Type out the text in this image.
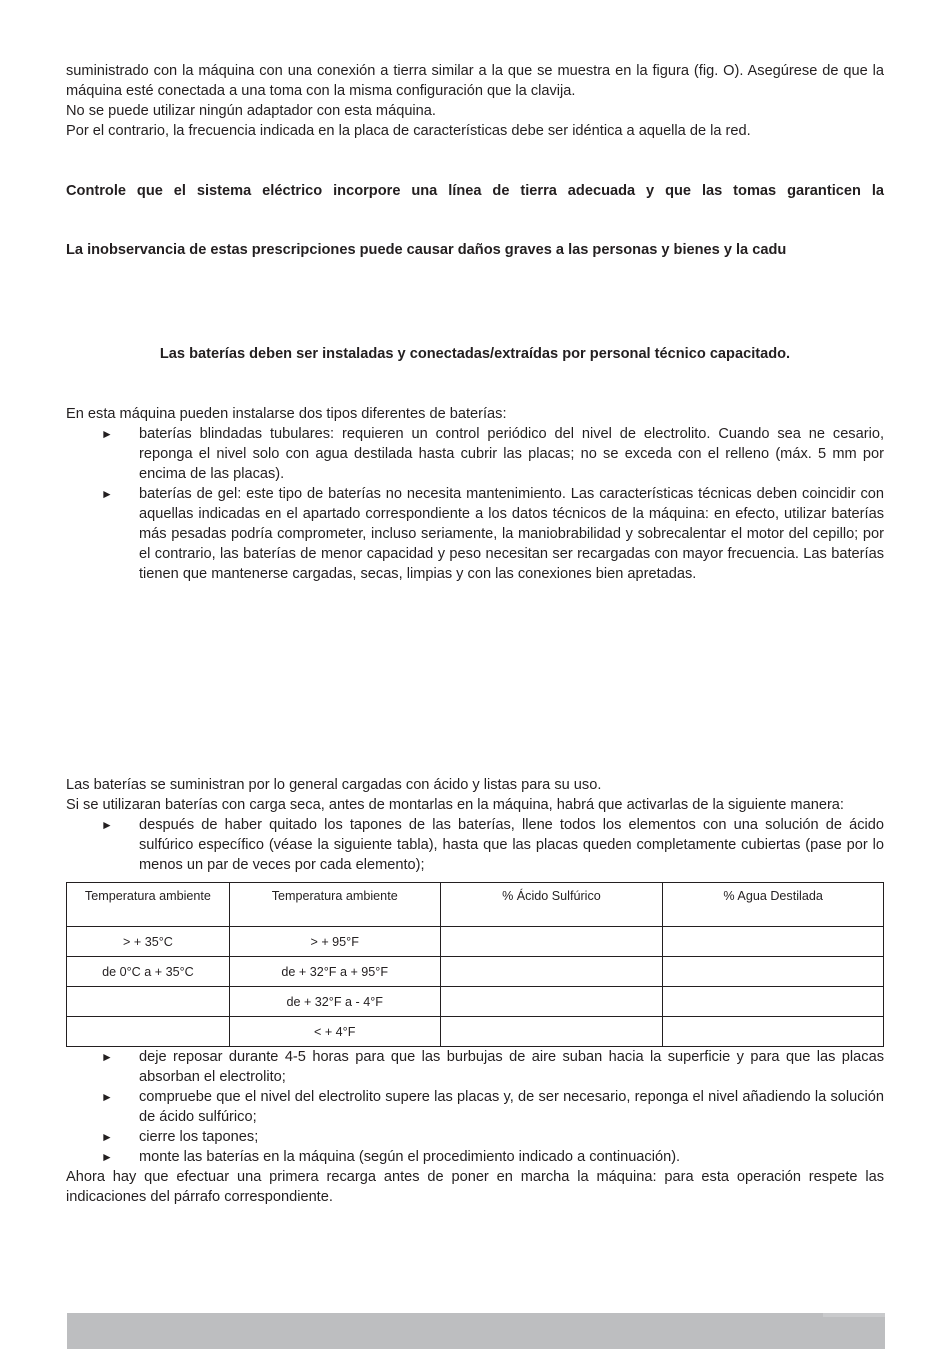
suministrado con la máquina con una conexión a tierra similar a la que se muestra en la figura (fig. O). Asegúrese de que la máquina esté conectada a una toma con la misma configuración que la clavija.

No se puede utilizar ningún adaptador con esta máquina.

Por el contrario, la frecuencia indicada en la placa de características debe ser idéntica a aquella de la red.

Controle que el sistema eléctrico incorpore una línea de tierra adecuada y que las tomas garanticen la

La inobservancia de estas prescripciones puede causar daños graves a las personas y bienes y la cadu

Las baterías deben ser instaladas y conectadas/extraídas por personal técnico capacitado.

En esta máquina pueden instalarse dos tipos diferentes de baterías:

► baterías blindadas tubulares: requieren un control periódico del nivel de electrolito. Cuando sea ne cesario, reponga el nivel solo con agua destilada hasta cubrir las placas; no se exceda con el relleno (máx. 5 mm por encima de las placas).
► baterías de gel: este tipo de baterías no necesita mantenimiento. Las características técnicas deben coincidir con aquellas indicadas en el apartado correspondiente a los datos técnicos de la máquina: en efecto, utilizar baterías más pesadas podría comprometer, incluso seriamente, la maniobrabilidad y sobrecalentar el motor del cepillo; por el contrario, las baterías de menor capacidad y peso necesitan ser recargadas con mayor frecuencia. Las baterías tienen que mantenerse cargadas, secas, limpias y con las conexiones bien apretadas.

Las baterías se suministran por lo general cargadas con ácido y listas para su uso.

Si se utilizaran baterías con carga seca, antes de montarlas en la máquina, habrá que activarlas de la siguiente manera:

► después de haber quitado los tapones de las baterías, llene todos los elementos con una solución de ácido sulfúrico específico (véase la siguiente tabla), hasta que las placas queden completamente cubiertas (pase por lo menos un par de veces por cada elemento);
Temperatura ambiente	Temperatura ambiente	% Ácido Sulfúrico	% Agua Destilada
> + 35°C	> + 95°F		
de 0°C a + 35°C	de + 32°F a + 95°F		
	de + 32°F a - 4°F		
	< + 4°F		
► deje reposar durante 4-5 horas para que las burbujas de aire suban hacia la superficie y para que las placas absorban el electrolito;
► compruebe que el nivel del electrolito supere las placas y, de ser necesario, reponga el nivel añadiendo la solución de ácido sulfúrico;
► cierre los tapones;
► monte las baterías en la máquina (según el procedimiento indicado a continuación).

Ahora hay que efectuar una primera recarga antes de poner en marcha la máquina: para esta operación respete las indicaciones del párrafo correspondiente.
